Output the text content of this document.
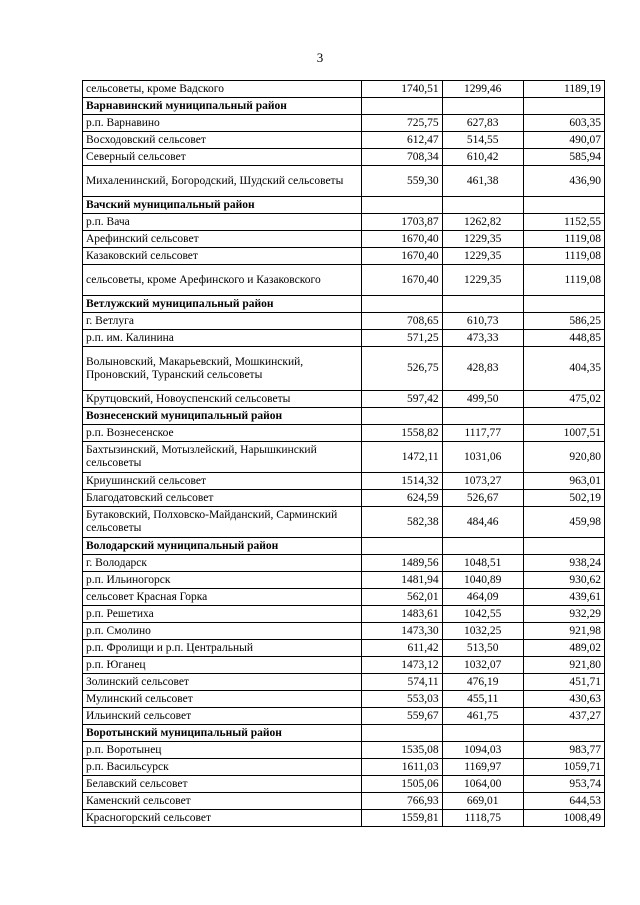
3
сельсоветы, кроме Вадского	1740,51	1299,46	1189,19
Варнавинский муниципальный район			
р.п. Варнавино	725,75	627,83	603,35
Восходовский сельсовет	612,47	514,55	490,07
Северный сельсовет	708,34	610,42	585,94
Михаленинский, Богородский, Шудский сельсоветы	559,30	461,38	436,90
Вачский муниципальный район			
р.п. Вача	1703,87	1262,82	1152,55
Арефинский сельсовет	1670,40	1229,35	1119,08
Казаковский сельсовет	1670,40	1229,35	1119,08
сельсоветы, кроме Арефинского и Казаковского	1670,40	1229,35	1119,08
Ветлужский муниципальный район			
г. Ветлуга	708,65	610,73	586,25
р.п. им. Калинина	571,25	473,33	448,85
Волыновский, Макарьевский, Мошкинский, Проновский, Туранский сельсоветы	526,75	428,83	404,35
Крутцовский, Новоуспенский сельсоветы	597,42	499,50	475,02
Вознесенский муниципальный район			
р.п. Вознесенское	1558,82	1117,77	1007,51
Бахтызинский, Мотызлейский, Нарышкинский сельсоветы	1472,11	1031,06	920,80
Криушинский сельсовет	1514,32	1073,27	963,01
Благодатовский сельсовет	624,59	526,67	502,19
Бутаковский, Полховско-Майданский, Сарминский сельсоветы	582,38	484,46	459,98
Володарский муниципальный район			
г. Володарск	1489,56	1048,51	938,24
р.п. Ильиногорск	1481,94	1040,89	930,62
сельсовет Красная Горка	562,01	464,09	439,61
р.п. Решетиха	1483,61	1042,55	932,29
р.п. Смолино	1473,30	1032,25	921,98
р.п. Фролищи и р.п. Центральный	611,42	513,50	489,02
р.п. Юганец	1473,12	1032,07	921,80
Золинский сельсовет	574,11	476,19	451,71
Мулинский сельсовет	553,03	455,11	430,63
Ильинский сельсовет	559,67	461,75	437,27
Воротынский муниципальный район			
р.п. Воротынец	1535,08	1094,03	983,77
р.п. Васильсурск	1611,03	1169,97	1059,71
Белавский сельсовет	1505,06	1064,00	953,74
Каменский сельсовет	766,93	669,01	644,53
Красногорский сельсовет	1559,81	1118,75	1008,49
